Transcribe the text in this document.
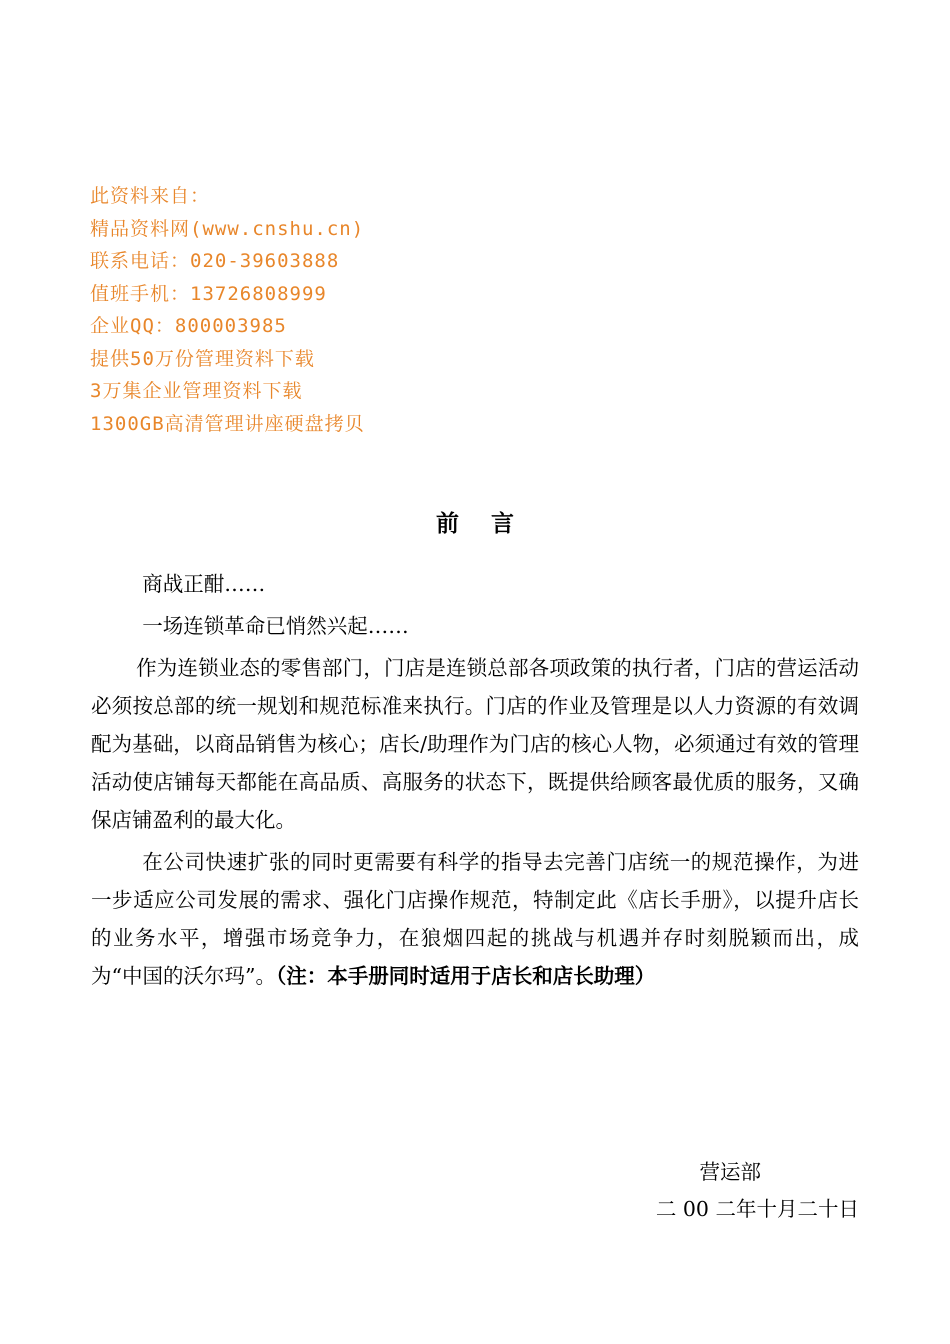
此资料来自：
精品资料网(www.cnshu.cn)
联系电话：020-39603888
值班手机：13726808999
企业QQ：800003985
提供50万份管理资料下载
3万集企业管理资料下载
1300GB高清管理讲座硬盘拷贝
前    言

商战正酣……

一场连锁革命已悄然兴起……

作为连锁业态的零售部门，门店是连锁总部各项政策的执行者，门店的营运活动必须按总部的统一规划和规范标准来执行。门店的作业及管理是以人力资源的有效调配为基础，以商品销售为核心；店长/助理作为门店的核心人物，必须通过有效的管理活动使店铺每天都能在高品质、高服务的状态下，既提供给顾客最优质的服务，又确保店铺盈利的最大化。

在公司快速扩张的同时更需要有科学的指导去完善门店统一的规范操作，为进一步适应公司发展的需求、强化门店操作规范，特制定此《店长手册》，以提升店长的业务水平，增强市场竞争力，在狼烟四起的挑战与机遇并存时刻脱颖而出，成为“中国的沃尔玛”。（注：本手册同时适用于店长和店长助理）

营运部
二 00 二年十月二十日
